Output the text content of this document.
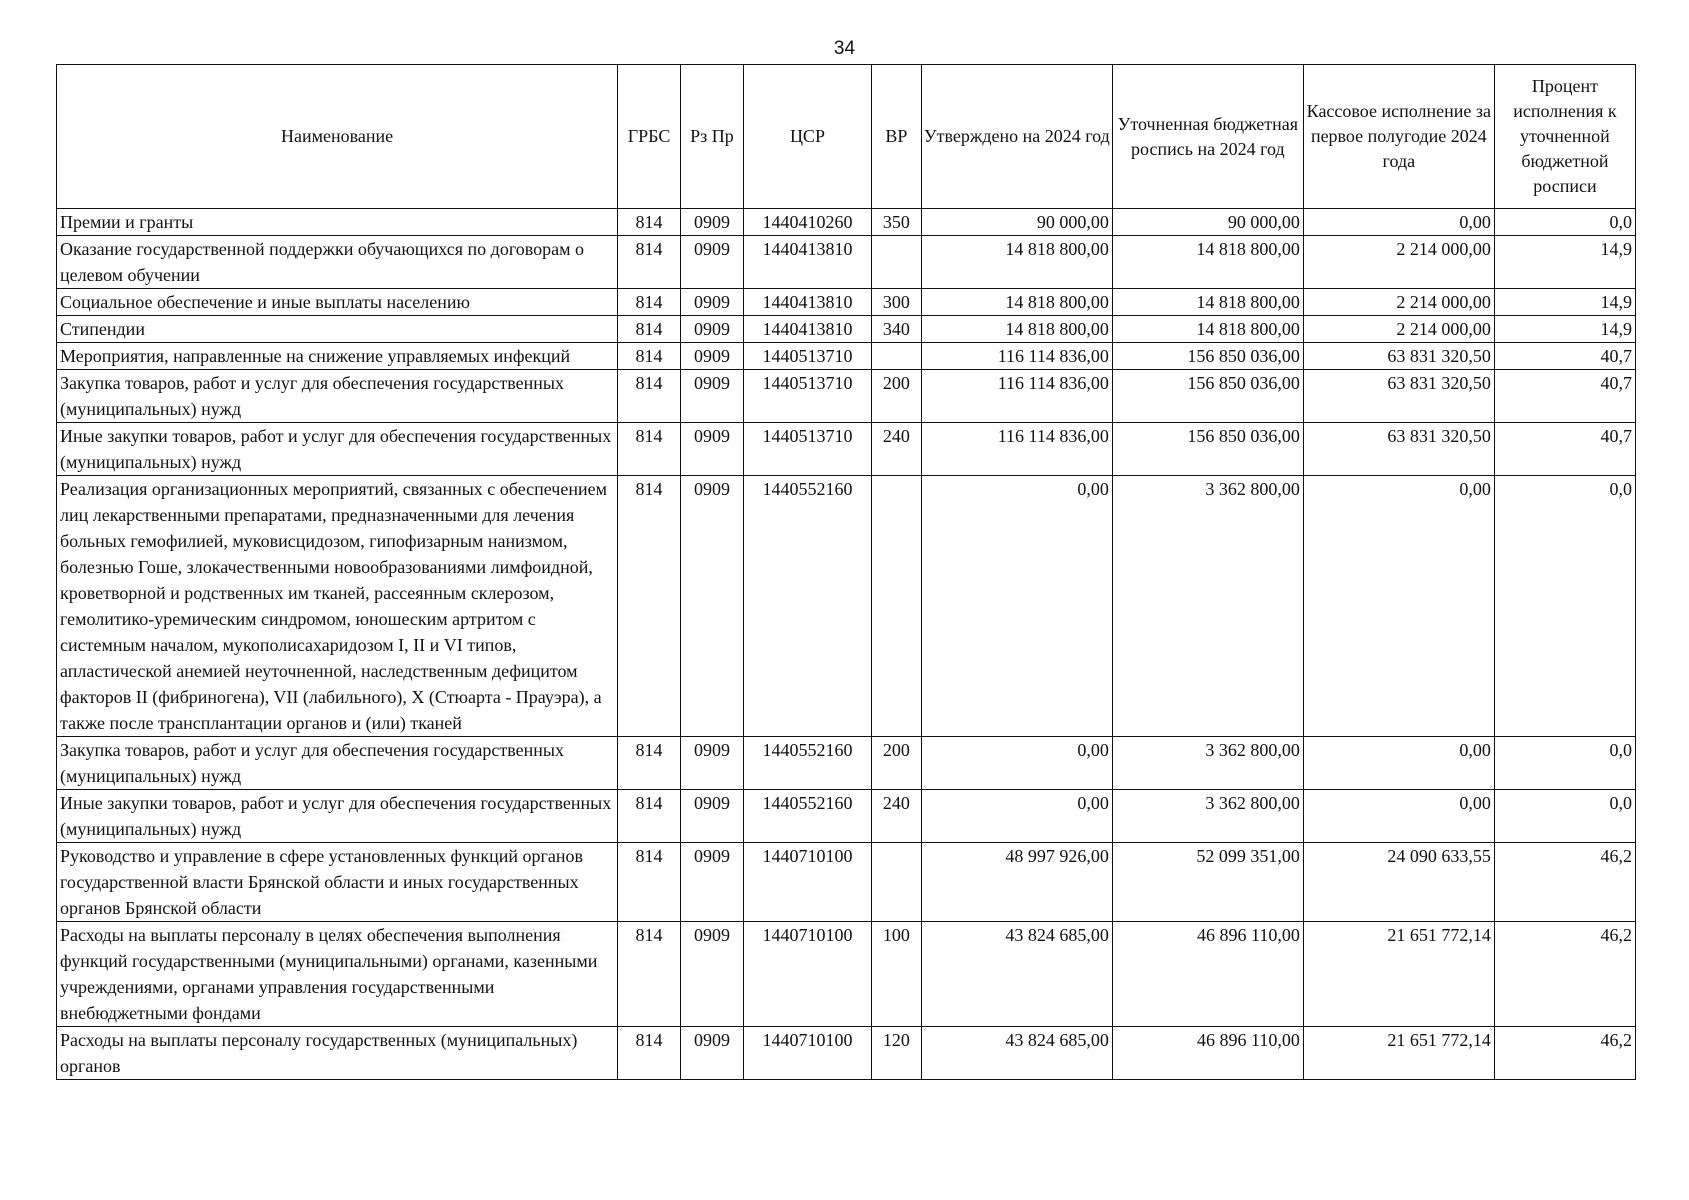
34
Наименование	ГРБС	Рз Пр	ЦСР	ВР	Утверждено на 2024 год	Уточненная бюджетная роспись на 2024 год	Кассовое исполнение за первое полугодие 2024 года	Процент исполнения к уточненной бюджетной росписи
Премии и гранты	814	0909	1440410260	350	90 000,00	90 000,00	0,00	0,0
Оказание государственной поддержки обучающихся по договорам о целевом обучении	814	0909	1440413810		14 818 800,00	14 818 800,00	2 214 000,00	14,9
Социальное обеспечение и иные выплаты населению	814	0909	1440413810	300	14 818 800,00	14 818 800,00	2 214 000,00	14,9
Стипендии	814	0909	1440413810	340	14 818 800,00	14 818 800,00	2 214 000,00	14,9
Мероприятия, направленные на снижение управляемых инфекций	814	0909	1440513710		116 114 836,00	156 850 036,00	63 831 320,50	40,7
Закупка товаров, работ и услуг для обеспечения государственных (муниципальных) нужд	814	0909	1440513710	200	116 114 836,00	156 850 036,00	63 831 320,50	40,7
Иные закупки товаров, работ и услуг для обеспечения государственных (муниципальных) нужд	814	0909	1440513710	240	116 114 836,00	156 850 036,00	63 831 320,50	40,7
Реализация организационных мероприятий, связанных с обеспечением лиц лекарственными препаратами, предназначенными для лечения больных гемофилией, муковисцидозом, гипофизарным нанизмом, болезнью Гоше, злокачественными новообразованиями лимфоидной, кроветворной и родственных им тканей, рассеянным склерозом, гемолитико-уремическим синдромом, юношеским артритом с системным началом, мукополисахаридозом I, II и VI типов, апластической анемией неуточненной, наследственным дефицитом факторов II (фибриногена), VII (лабильного), X (Стюарта - Прауэра), а также после трансплантации органов и (или) тканей	814	0909	1440552160		0,00	3 362 800,00	0,00	0,0
Закупка товаров, работ и услуг для обеспечения государственных (муниципальных) нужд	814	0909	1440552160	200	0,00	3 362 800,00	0,00	0,0
Иные закупки товаров, работ и услуг для обеспечения государственных (муниципальных) нужд	814	0909	1440552160	240	0,00	3 362 800,00	0,00	0,0
Руководство и управление в сфере установленных функций органов государственной власти Брянской области и иных государственных органов Брянской области	814	0909	1440710100		48 997 926,00	52 099 351,00	24 090 633,55	46,2
Расходы на выплаты персоналу в целях обеспечения выполнения функций государственными (муниципальными) органами, казенными учреждениями, органами управления государственными внебюджетными фондами	814	0909	1440710100	100	43 824 685,00	46 896 110,00	21 651 772,14	46,2
Расходы на выплаты персоналу государственных (муниципальных) органов	814	0909	1440710100	120	43 824 685,00	46 896 110,00	21 651 772,14	46,2
